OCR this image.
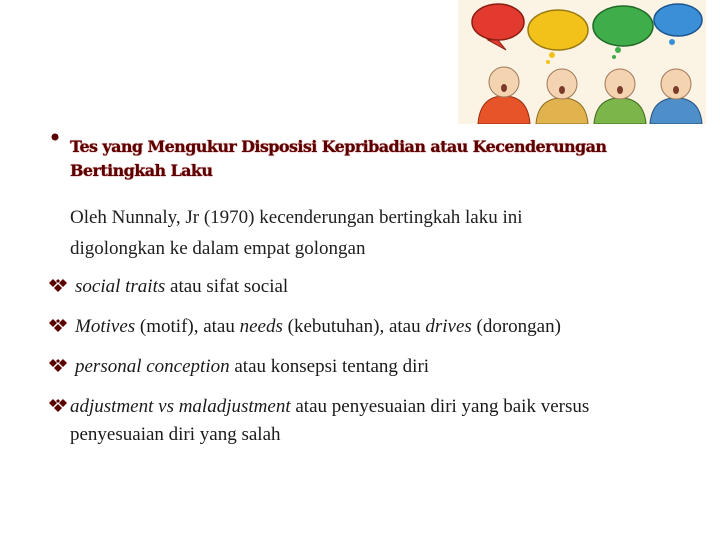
Tes yang Mengukur Disposisi Kepribadian atau Kecenderungan
Bertingkah Laku
Oleh Nunnaly, Jr (1970) kecenderungan bertingkah laku ini
digolongkan ke dalam empat golongan
social traits atau sifat social
Motives (motif), atau needs (kebutuhan), atau drives (dorongan)
personal conception atau konsepsi tentang diri
adjustment vs maladjustment atau penyesuaian diri yang baik versus
penyesuaian diri yang salah
